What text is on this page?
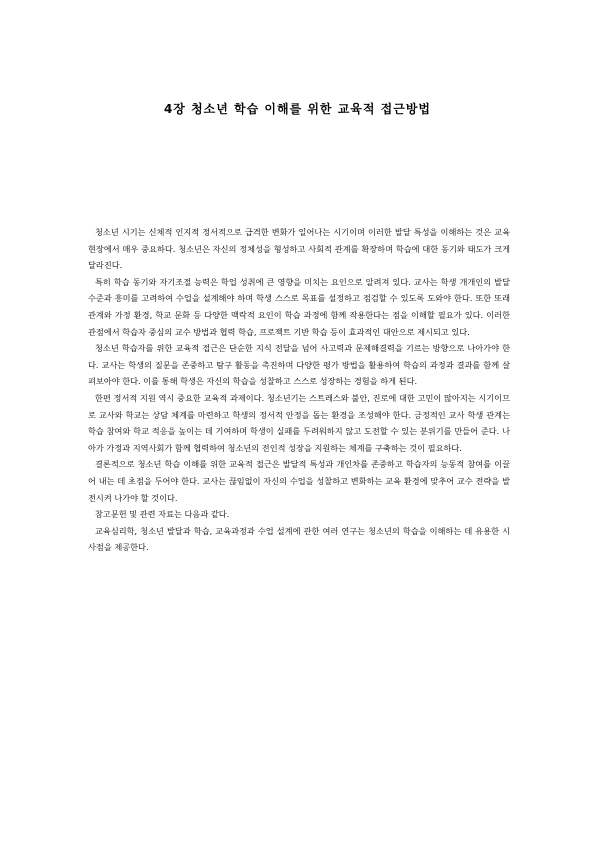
4장 청소년 학습 이해를 위한 교육적 접근방법

청소년 시기는 신체적 인지적 정서적으로 급격한 변화가 일어나는 시기이며 이러한 발달 특성을 이해하는 것은 교육 현장에서 매우 중요하다. 청소년은 자신의 정체성을 형성하고 사회적 관계를 확장하며 학습에 대한 동기와 태도가 크게 달라진다.

특히 학습 동기와 자기조절 능력은 학업 성취에 큰 영향을 미치는 요인으로 알려져 있다. 교사는 학생 개개인의 발달 수준과 흥미를 고려하여 수업을 설계해야 하며 학생 스스로 목표를 설정하고 점검할 수 있도록 도와야 한다. 또한 또래 관계와 가정 환경, 학교 문화 등 다양한 맥락적 요인이 학습 과정에 함께 작용한다는 점을 이해할 필요가 있다. 이러한 관점에서 학습자 중심의 교수 방법과 협력 학습, 프로젝트 기반 학습 등이 효과적인 대안으로 제시되고 있다.

청소년 학습자를 위한 교육적 접근은 단순한 지식 전달을 넘어 사고력과 문제해결력을 기르는 방향으로 나아가야 한다. 교사는 학생의 질문을 존중하고 탐구 활동을 촉진하며 다양한 평가 방법을 활용하여 학습의 과정과 결과를 함께 살펴보아야 한다. 이를 통해 학생은 자신의 학습을 성찰하고 스스로 성장하는 경험을 하게 된다.

한편 정서적 지원 역시 중요한 교육적 과제이다. 청소년기는 스트레스와 불안, 진로에 대한 고민이 많아지는 시기이므로 교사와 학교는 상담 체계를 마련하고 학생의 정서적 안정을 돕는 환경을 조성해야 한다. 긍정적인 교사 학생 관계는 학습 참여와 학교 적응을 높이는 데 기여하며 학생이 실패를 두려워하지 않고 도전할 수 있는 분위기를 만들어 준다. 나아가 가정과 지역사회가 함께 협력하여 청소년의 전인적 성장을 지원하는 체계를 구축하는 것이 필요하다.

결론적으로 청소년 학습 이해를 위한 교육적 접근은 발달적 특성과 개인차를 존중하고 학습자의 능동적 참여를 이끌어 내는 데 초점을 두어야 한다. 교사는 끊임없이 자신의 수업을 성찰하고 변화하는 교육 환경에 맞추어 교수 전략을 발전시켜 나가야 할 것이다.

참고문헌 및 관련 자료는 다음과 같다.

교육심리학, 청소년 발달과 학습, 교육과정과 수업 설계에 관한 여러 연구는 청소년의 학습을 이해하는 데 유용한 시사점을 제공한다.
